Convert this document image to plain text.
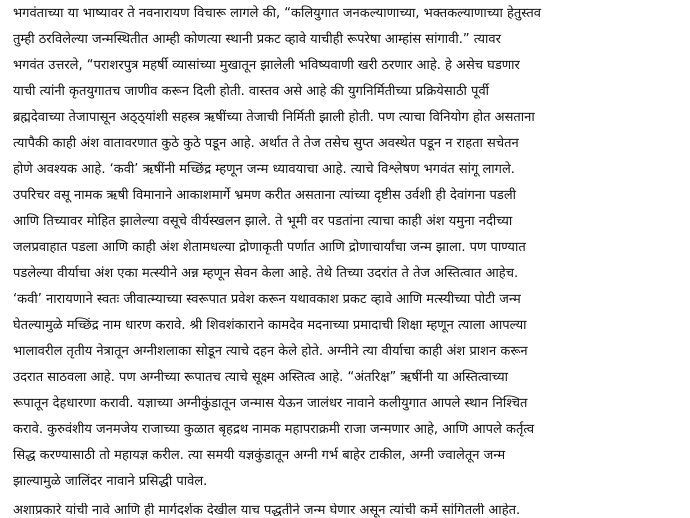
भगवंताच्या या भाष्यावर ते नवनारायण विचारू लागले की, “कलियुगात जनकल्याणाच्या, भक्तकल्याणाच्या हेतुस्तव
तुम्ही ठरविलेल्या जन्मस्थितीत आम्ही कोणत्या स्थानी प्रकट व्हावे याचीही रूपरेषा आम्हांस सांगावी.” त्यावर
भगवंत उत्तरले, “पराशरपुत्र महर्षी व्यासांच्या मुखातून झालेली भविष्यवाणी खरी ठरणार आहे. हे असेच घडणार
याची त्यांनी कृतयुगातच जाणीव करून दिली होती. वास्तव असे आहे की युगनिर्मितीच्या प्रक्रियेसाठी पूर्वी
ब्रह्मदेवाच्या तेजापासून अठ्ठ्यांशी सहस्त्र ऋषींच्या तेजाची निर्मिती झाली होती. पण त्याचा विनियोग होत असताना
त्यापैकी काही अंश वातावरणात कुठे कुठे पडून आहे. अर्थात ते तेज तसेच सुप्त अवस्थेत पडून न राहता सचेतन
होणे अवश्यक आहे. ‘कवी’ ऋषींनी मच्छिंद्र म्हणून जन्म ध्यावयाचा आहे. त्याचे विश्लेषण भगवंत सांगू लागले.
उपरिचर वसू नामक ऋषी विमानाने आकाशमार्गे भ्रमण करीत असताना त्यांच्या दृष्टीस उर्वशी ही देवांगना पडली
आणि तिच्यावर मोहित झालेल्या वसूचे वीर्यस्खलन झाले. ते भूमी वर पडतांना त्याचा काही अंश यमुना नदीच्या
जलप्रवाहात पडला आणि काही अंश शेतामधल्या द्रोणाकृती पर्णात आणि द्रोणाचार्यांचा जन्म झाला. पण पाण्यात
पडलेल्या वीर्याचा अंश एका मत्स्यीने अन्न म्हणून सेवन केला आहे. तेथे तिच्या उदरांत ते तेज अस्तित्वात आहेच.
‘कवी’ नारायणाने स्वतः जीवात्म्याच्या स्वरूपात प्रवेश करून यथावकाश प्रकट व्हावे आणि मत्स्यीच्या पोटी जन्म
घेतल्यामुळे मच्छिंद्र नाम धारण करावे. श्री शिवशंकाराने कामदेव मदनाच्या प्रमादाची शिक्षा म्हणून त्याला आपल्या
भालावरील तृतीय नेत्रातून अग्नीशलाका सोडून त्याचे दहन केले होते. अग्नीने त्या वीर्याचा काही अंश प्राशन करून
उदरात साठवला आहे. पण अग्नीच्या रूपातच त्याचे सूक्ष्म अस्तित्व आहे. “अंतरिक्ष” ऋषींनी या अस्तित्वाच्या
रूपातून देहधारणा करावी. यज्ञाच्या अग्नीकुंडातून जन्मास येऊन जालंधर नावाने कलीयुगात आपले स्थान निश्चित
करावे. कुरुवंशीय जनमजेय राजाच्या कुळात बृहद्रथ नामक महापराक्रमी राजा जन्मणार आहे, आणि आपले कर्तृत्व
सिद्ध करण्यासाठी तो महायज्ञ करील. त्या समयी यज्ञकुंडातून अग्नी गर्भ बाहेर टाकील, अग्नी ज्वालेतून जन्म
झाल्यामुळे जालिंदर नावाने प्रसिद्धी पावेल.
अशाप्रकारे यांची नावे आणि ही मार्गदर्शक देखील याच पद्धतीने जन्म घेणार असून त्यांची कर्मे सांगितली आहेत.
